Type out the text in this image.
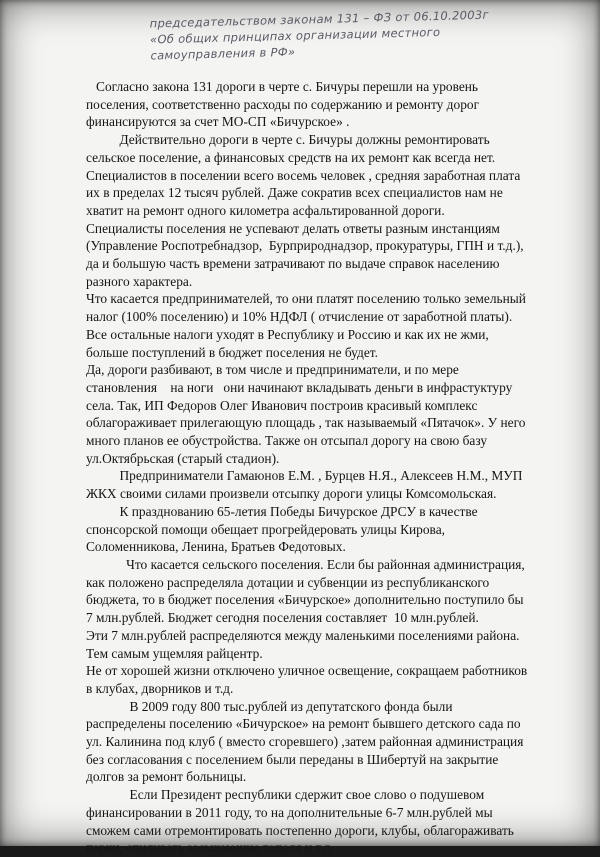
председательством законам 131 – ФЗ от 06.10.2003г
«Об общих принципах организации местного
самоуправления в РФ»

Согласно закона 131 дороги в черте с. Бичуры перешли на уровень

поселения, соответственно расходы по содержанию и ремонту дорог

финансируются за счет МО-СП «Бичурское» .

Действительно дороги в черте с. Бичуры должны ремонтировать

сельское поселение, а финансовых средств на их ремонт как всегда нет.

Специалистов в поселении всего восемь человек , средняя заработная плата

их в пределах 12 тысяч рублей. Даже сократив всех специалистов нам не

хватит на ремонт одного километра асфальтированной дороги.

Специалисты поселения не успевают делать ответы разным инстанциям

(Управление Роспотребнадзор,  Бурприроднадзор, прокуратуры, ГПН и т.д.),

да и большую часть времени затрачивают по выдаче справок населению

разного характера.

Что касается предпринимателей, то они платят поселению только земельный

налог (100% поселению) и 10% НДФЛ ( отчисление от заработной платы).

Все остальные налоги уходят в Республику и Россию и как их не жми,

больше поступлений в бюджет поселения не будет.

Да, дороги разбивают, в том числе и предприниматели, и по мере

становления    на ноги   они начинают вкладывать деньги в инфрастуктуру

села. Так, ИП Федоров Олег Иванович построив красивый комплекс

облагораживает прилегающую площадь , так называемый «Пятачок». У него

много планов ее обустройства. Также он отсыпал дорогу на свою базу

ул.Октябрьская (старый стадион).

Предприниматели Гамаюнов Е.М. , Бурцев Н.Я., Алексеев Н.М., МУП

ЖКХ своими силами произвели отсыпку дороги улицы Комсомольская.

К празднованию 65-летия Победы Бичурское ДРСУ в качестве

спонсорской помощи обещает прогрейдеровать улицы Кирова,

Соломенникова, Ленина, Братьев Федотовых.

Что касается сельского поселения. Если бы районная администрация,

как положено распределяла дотации и субвенции из республиканского

бюджета, то в бюджет поселения «Бичурское» дополнительно поступило бы

7 млн.рублей. Бюджет сегодня поселения составляет  10 млн.рублей.

Эти 7 млн.рублей распределяются между маленькими поселениями района.

Тем самым ущемляя райцентр.

Не от хорошей жизни отключено уличное освещение, сокращаем работников

в клубах, дворников и т.д.

В 2009 году 800 тыс.рублей из депутатского фонда были

распределены поселению «Бичурское» на ремонт бывшего детского сада по

ул. Калинина под клуб ( вместо сгоревшего) ,затем районная администрация

без согласования с поселением были переданы в Шибертуй на закрытие

долгов за ремонт больницы.

Если Президент республики сдержит свое слово о подушевом

финансировании в 2011 году, то на дополнительные 6-7 млн.рублей мы

сможем сами отремонтировать постепенно дороги, клубы, облагораживать

парки, спиливать засыхающие тополя и т.д.
